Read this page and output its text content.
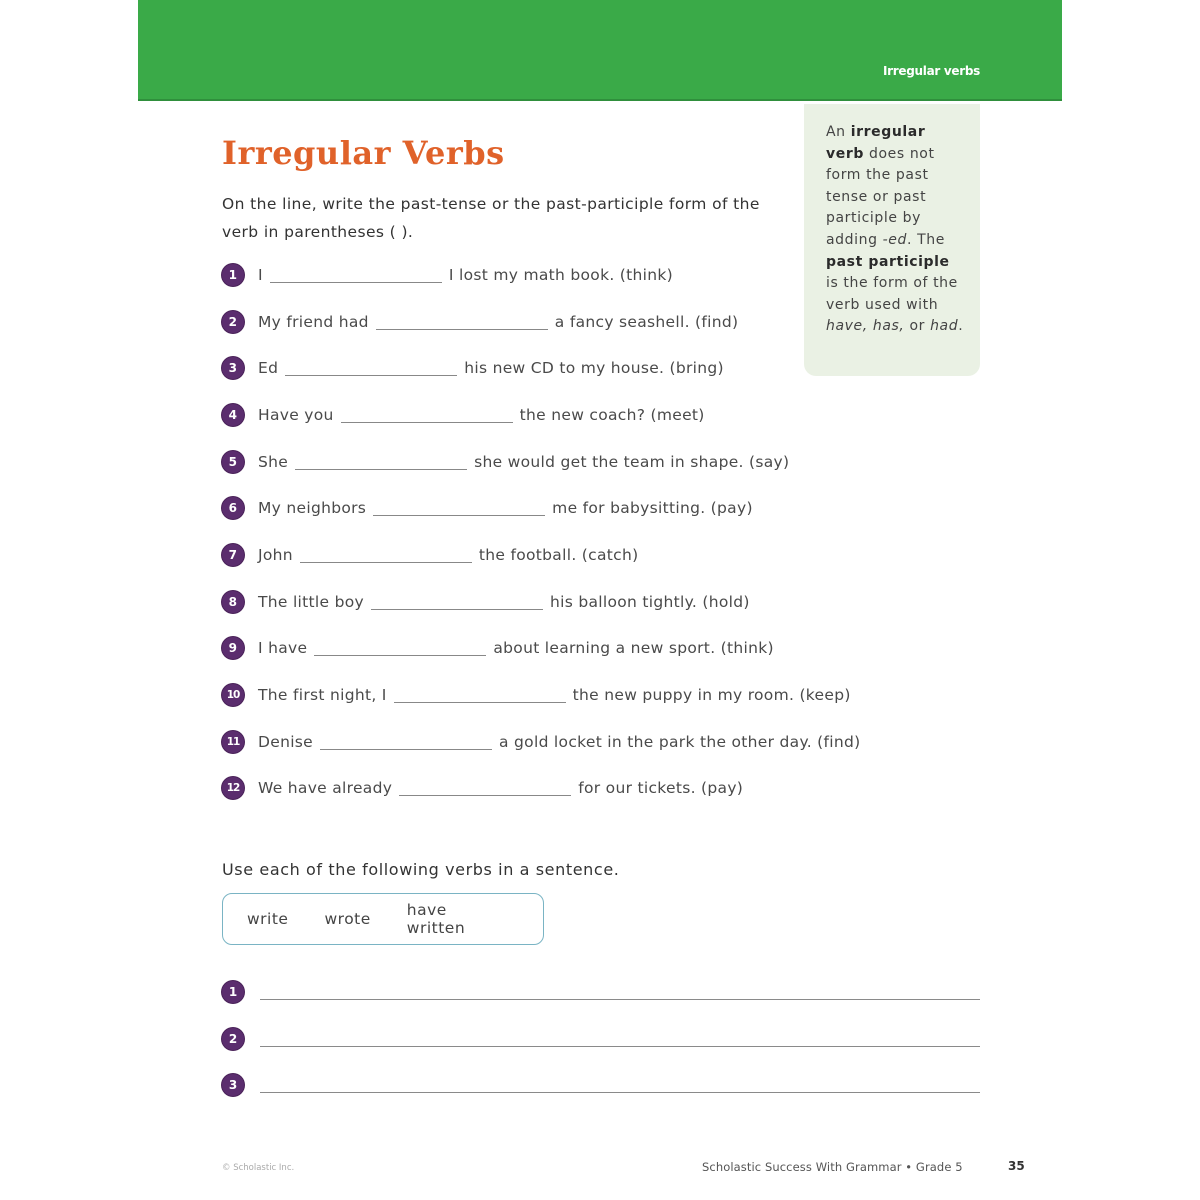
Irregular verbs
Irregular Verbs

On the line, write the past-tense or the past-participle form of the verb in parentheses ( ).

An irregular verb does not form the past tense or past participle by adding -ed. The past participle is the form of the verb used with have, has, or had.
1	I	I lost my math book. (think)
2	My friend had	a fancy seashell. (find)
3	Ed	his new CD to my house. (bring)
4	Have you	the new coach? (meet)
5	She	she would get the team in shape. (say)
6	My neighbors	me for babysitting. (pay)
7	John	the football. (catch)
8	The little boy	his balloon tightly. (hold)
9	I have	about learning a new sport. (think)
10	The first night, I	the new puppy in my room. (keep)
11	Denise	a gold locket in the park the other day. (find)
12	We have already	for our tickets. (pay)

Use each of the following verbs in a sentence.

write wrote have written
1
2
3
© Scholastic Inc.	Scholastic Success With Grammar • Grade 5	35
